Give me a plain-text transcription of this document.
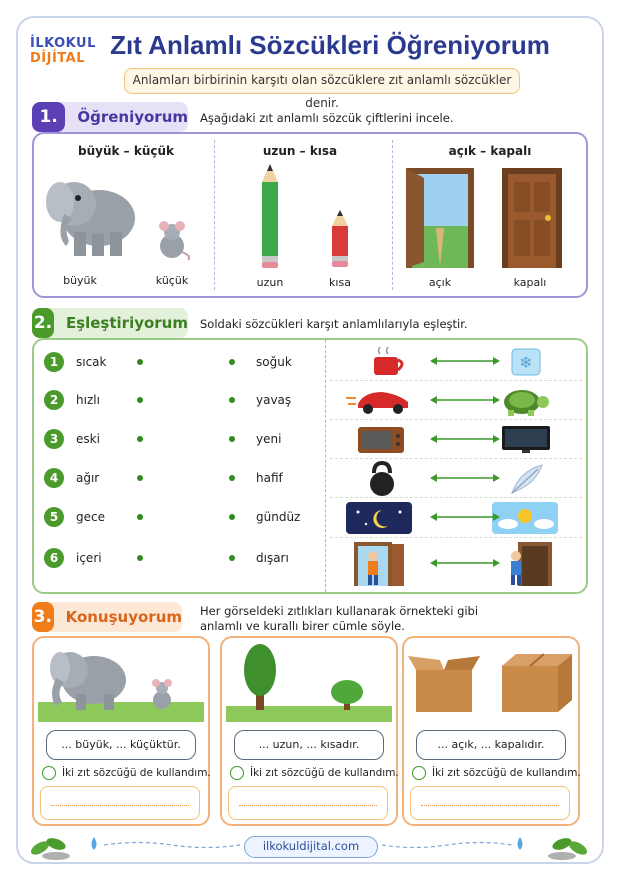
İLKOKUL
DİJİTAL Zıt Anlamlı Sözcükleri Öğreniyorum
Anlamları birbirinin karşıtı olan sözcüklere zıt anlamlı sözcükler denir.
1.	Öğreniyorum Aşağıdaki zıt anlamlı sözcük çiftlerini incele.
büyük – küçük	uzun – kısa	açık – kapalı
büyük	küçük	uzun	kısa	açık	kapalı
2. Eşleştiriyorum Soldaki sözcükleri karşıt anlamlılarıyla eşleştir.
1	sıcak	soğuk
2	hızlı	yavaş
3	eski	yeni
4	ağır	hafif
5	gece	gündüz
6	içeri	dışarı
❄
3. Konuşuyorum Her görseldeki zıtlıkları kullanarak örnekteki gibi
anlamlı ve kurallı birer cümle söyle.
... büyük, ... küçüktür.
İki zıt sözcüğü de kullandım.
... uzun, ... kısadır.
İki zıt sözcüğü de kullandım.
... açık, ... kapalıdır.
İki zıt sözcüğü de kullandım.
ilkokuldijital.com
